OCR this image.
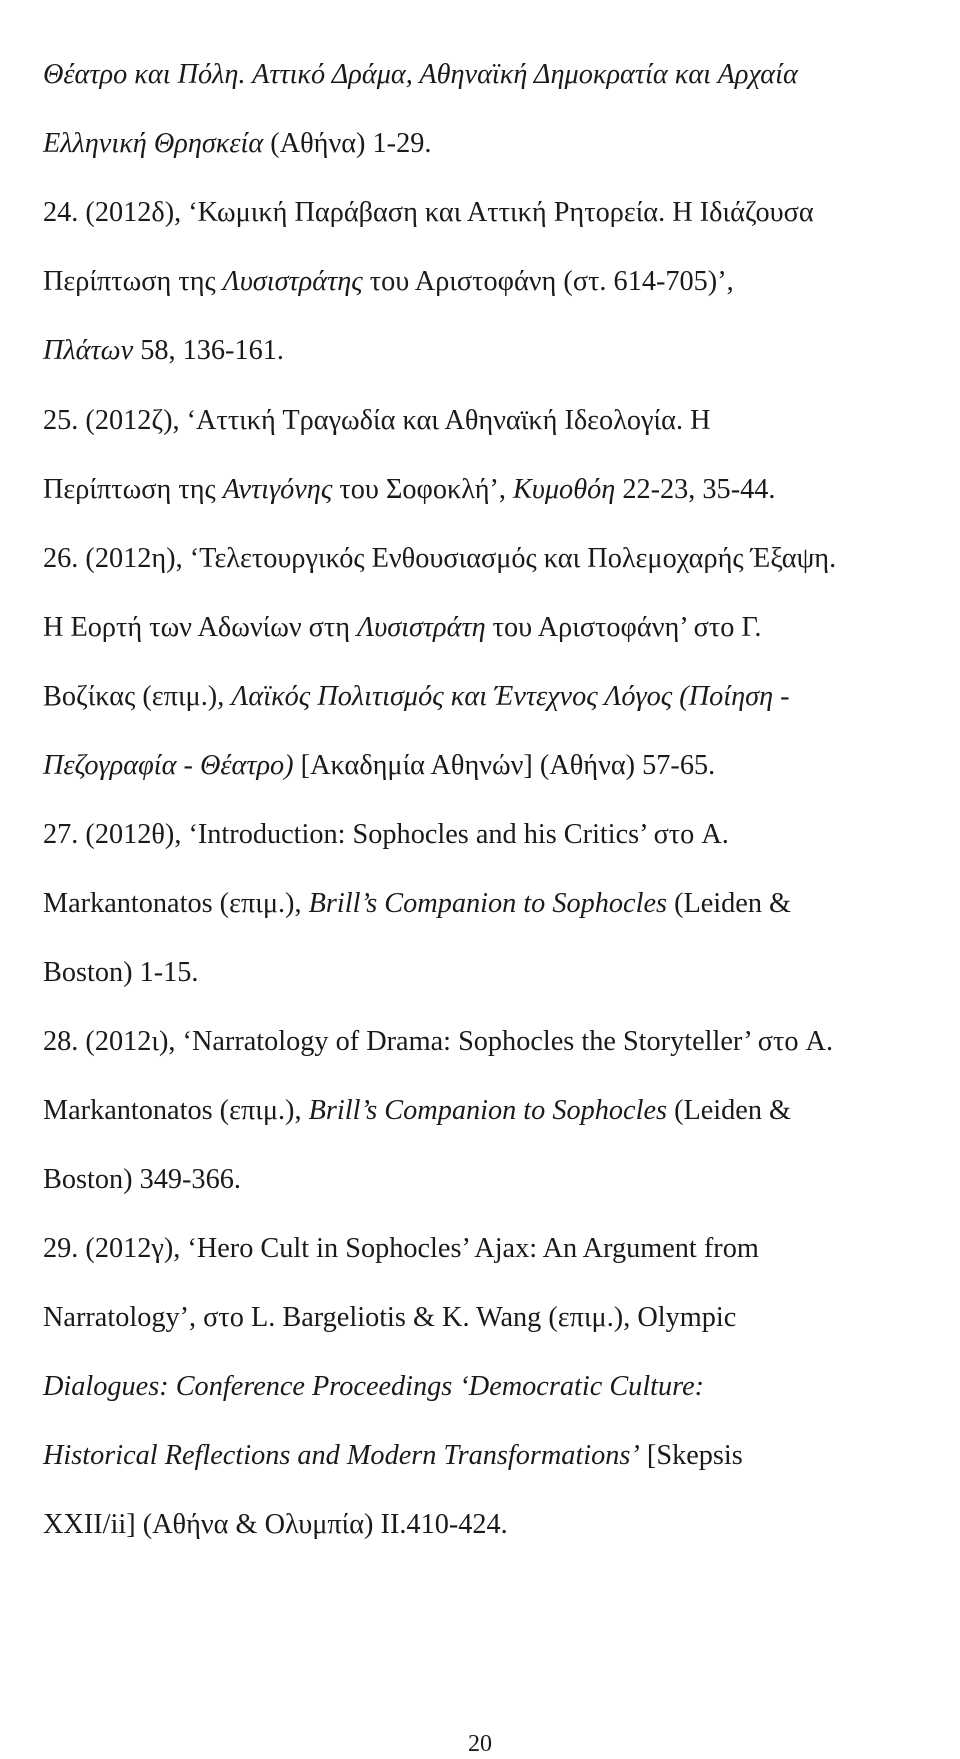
Θέατρο και Πόλη. Αττικό Δράμα, Αθηναϊκή Δημοκρατία και Αρχαία
Ελληνική Θρησκεία (Αθήνα) 1-29.
24. (2012δ), ‘Κωμική Παράβαση και Αττική Ρητορεία. Η Ιδιάζουσα
Περίπτωση της Λυσιστράτης του Αριστοφάνη (στ. 614-705)’,
Πλάτων 58, 136-161.
25. (2012ζ), ‘Αττική Τραγωδία και Αθηναϊκή Ιδεολογία. Η
Περίπτωση της Αντιγόνης του Σοφοκλή’, Κυμοθόη 22-23, 35-44.
26. (2012η), ‘Τελετουργικός Ενθουσιασμός και Πολεμοχαρής Έξαψη.
Η Εορτή των Αδωνίων στη Λυσιστράτη του Αριστοφάνη’ στο Γ.
Βοζίκας (επιμ.), Λαϊκός Πολιτισμός και Έντεχνος Λόγος (Ποίηση -
Πεζογραφία - Θέατρο) [Ακαδημία Αθηνών] (Αθήνα) 57-65.
27. (2012θ), ‘Introduction: Sophocles and his Critics’ στο A.
Markantonatos (επιμ.), Brill’s Companion to Sophocles (Leiden &
Boston) 1-15.
28. (2012ι), ‘Narratology of Drama: Sophocles the Storyteller’ στο A.
Markantonatos (επιμ.), Brill’s Companion to Sophocles (Leiden &
Boston) 349-366.
29. (2012γ), ‘Hero Cult in Sophocles’ Ajax: An Argument from
Narratology’, στο L. Bargeliotis & K. Wang (επιμ.), Olympic
Dialogues: Conference Proceedings ‘Democratic Culture:
Historical Reflections and Modern Transformations’ [Skepsis
XXII/ii] (Αθήνα & Ολυμπία) II.410-424.
20
